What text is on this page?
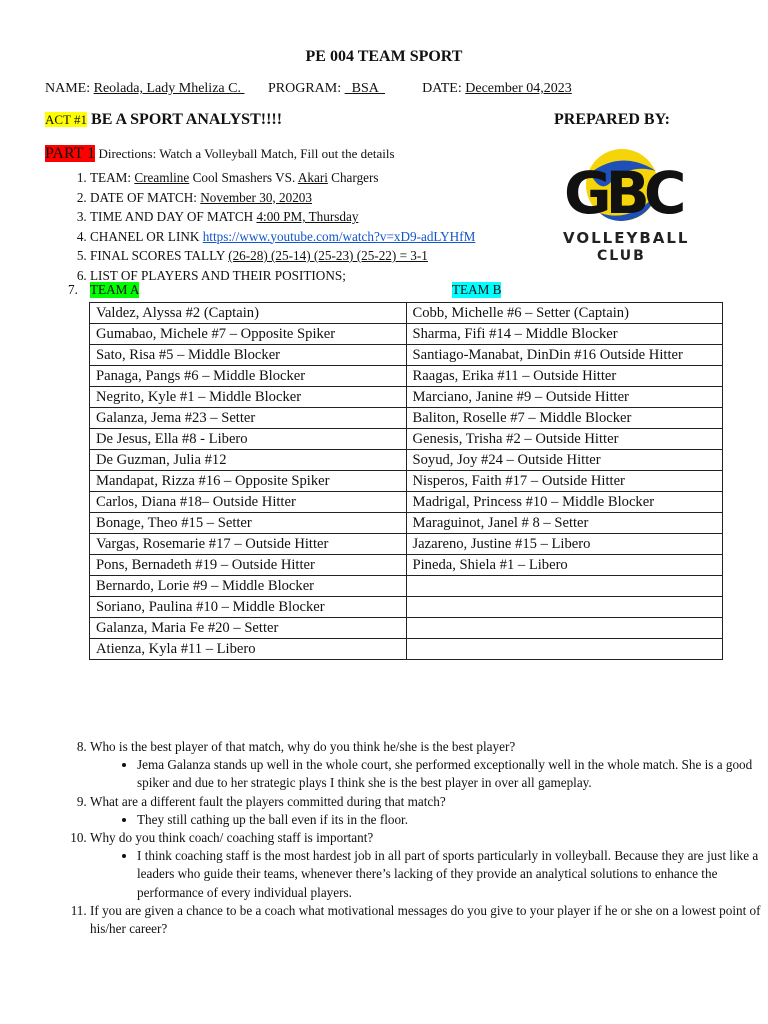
PE 004 TEAM SPORT
NAME: Reolada, Lady Mheliza C.  PROGRAM:   BSA	DATE: December 04,2023
ACT #1 BE A SPORT ANALYST!!!!	PREPARED BY:
PART 1 Directions: Watch a Volleyball Match, Fill out the details
GBC
VOLLEYBALL
CLUB
1. TEAM: Creamline Cool Smashers VS. Akari Chargers
2. DATE OF MATCH: November 30, 20203
3. TIME AND DAY OF MATCH 4:00 PM, Thursday
4. CHANEL OR LINK https://www.youtube.com/watch?v=xD9-adLYHfM
5. FINAL SCORES TALLY (26-28) (25-14) (25-23) (25-22) = 3-1
6. LIST OF PLAYERS AND THEIR POSITIONS;
7. TEAM A	TEAM B
Valdez, Alyssa #2 (Captain)	Cobb, Michelle #6 – Setter (Captain)
Gumabao, Michele #7 – Opposite Spiker	Sharma, Fifi #14 – Middle Blocker
Sato, Risa #5 – Middle Blocker	Santiago-Manabat, DinDin #16 Outside Hitter
Panaga, Pangs #6 – Middle Blocker	Raagas, Erika #11 – Outside Hitter
Negrito, Kyle #1 – Middle Blocker	Marciano, Janine #9 – Outside Hitter
Galanza, Jema #23 – Setter	Baliton, Roselle #7 – Middle Blocker
De Jesus, Ella #8 - Libero	Genesis, Trisha #2 – Outside Hitter
De Guzman, Julia #12	Soyud, Joy #24 – Outside Hitter
Mandapat, Rizza #16 – Opposite Spiker	Nisperos, Faith #17 – Outside Hitter
Carlos, Diana #18– Outside Hitter	Madrigal, Princess #10 – Middle Blocker
Bonage, Theo #15 – Setter	Maraguinot, Janel # 8 – Setter
Vargas, Rosemarie #17 – Outside Hitter	Jazareno, Justine #15 – Libero
Pons, Bernadeth #19 – Outside Hitter	Pineda, Shiela #1 – Libero
Bernardo, Lorie #9 – Middle Blocker	
Soriano, Paulina #10 – Middle Blocker	
Galanza, Maria Fe #20 – Setter	
Atienza, Kyla #11 – Libero	
8. Who is the best player of that match, why do you think he/she is the best player?
• Jema Galanza stands up well in the whole court, she performed exceptionally well in the whole match. She is a good spiker and due to her strategic plays I think she is the best player in over all gameplay.
9. What are a different fault the players committed during that match?
• They still cathing up the ball even if its in the floor.
10. Why do you think coach/ coaching staff is important?
• I think coaching staff is the most hardest job in all part of sports particularly in volleyball. Because they are just like a leaders who guide their teams, whenever there’s lacking of they provide an analytical solutions to enhance the performance of every individual players.
11. If you are given a chance to be a coach what motivational messages do you give to your player if he or she on a lowest point of his/her career?
